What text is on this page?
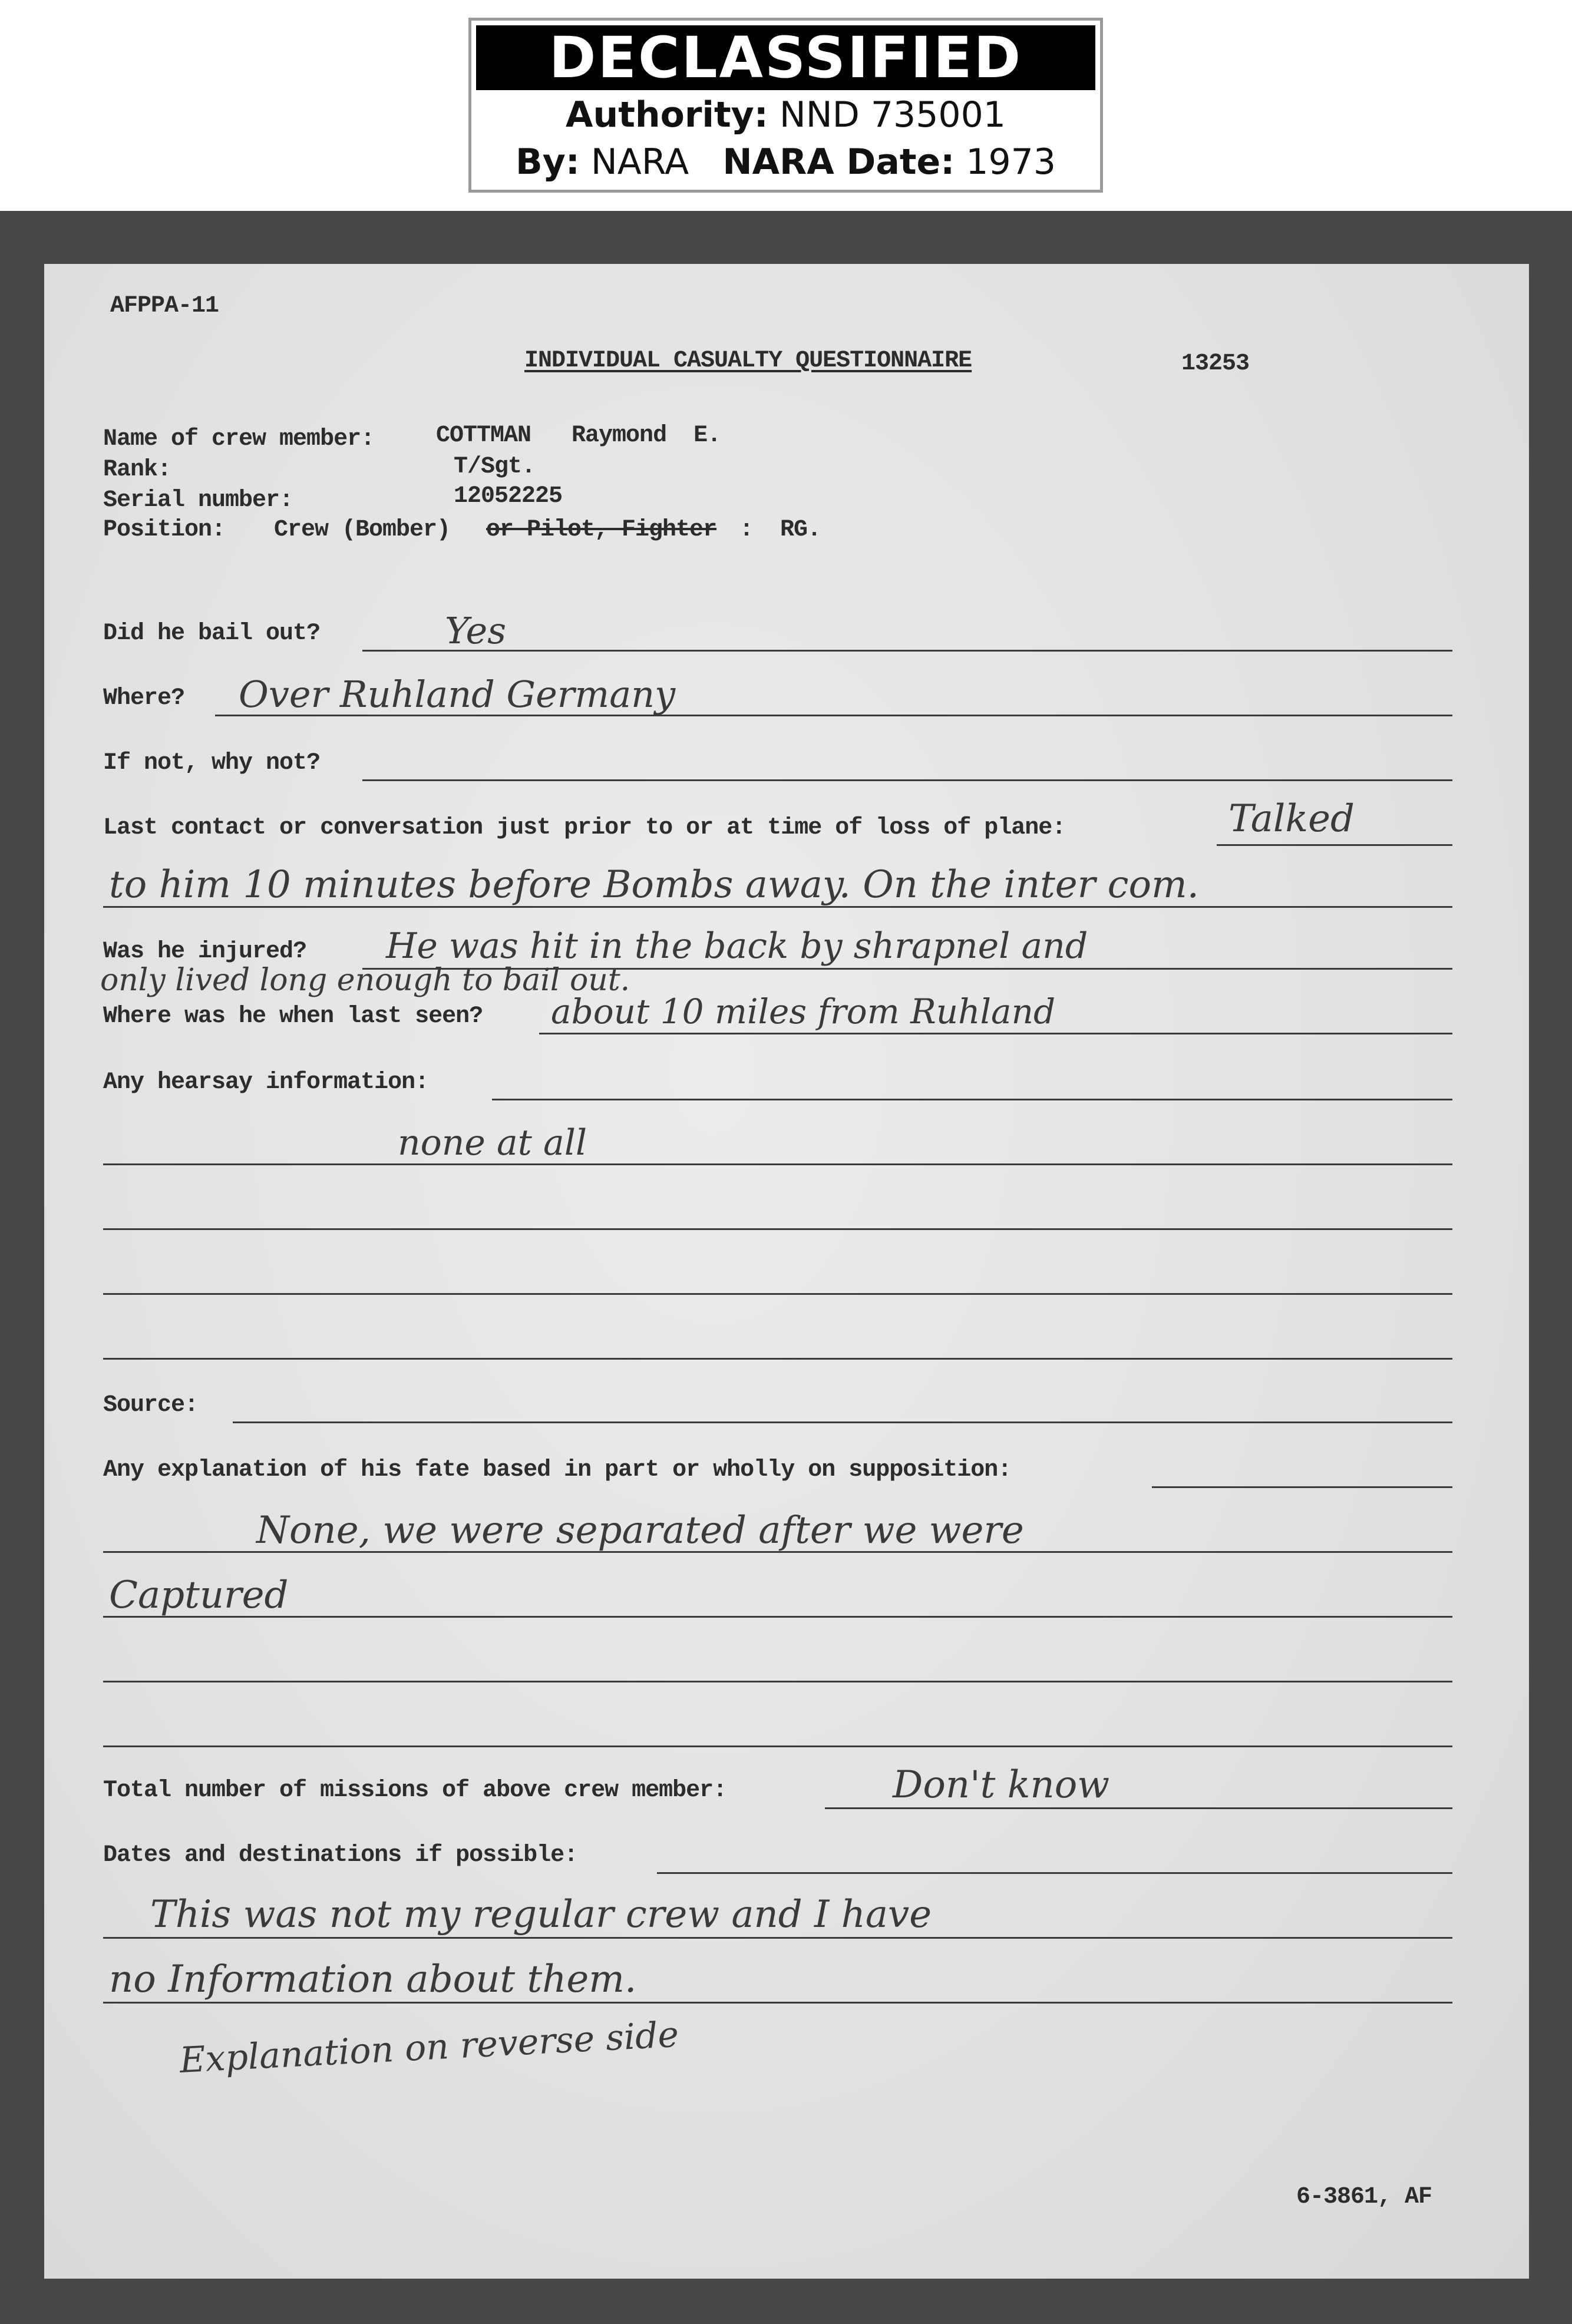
DECLASSIFIED
Authority: NND 735001
By: NARA NARA Date: 1973
AFPPA-11
INDIVIDUAL CASUALTY QUESTIONNAIRE	13253
Name of crew member:	COTTMAN   Raymond  E.
Rank:	T/Sgt.
Serial number:	12052225
Position: Crew (Bomber) or Pilot, Fighter :  RG.
Did he bail out?	Yes
Where? Over Ruhland Germany
If not, why not?
Last contact or conversation just prior to or at time of loss of plane:	Talked
to him 10 minutes before Bombs away. On the inter com.
Was he injured? He was hit in the back by shrapnel and
only lived long enough to bail out.
Where was he when last seen? about 10 miles from Ruhland
Any hearsay information:
none at all
Source:
Any explanation of his fate based in part or wholly on supposition:
None, we were separated after we were
Captured
Total number of missions of above crew member:	Don't know
Dates and destinations if possible:
This was not my regular crew and I have
no Information about them.
Explanation on reverse side
6-3861, AF
